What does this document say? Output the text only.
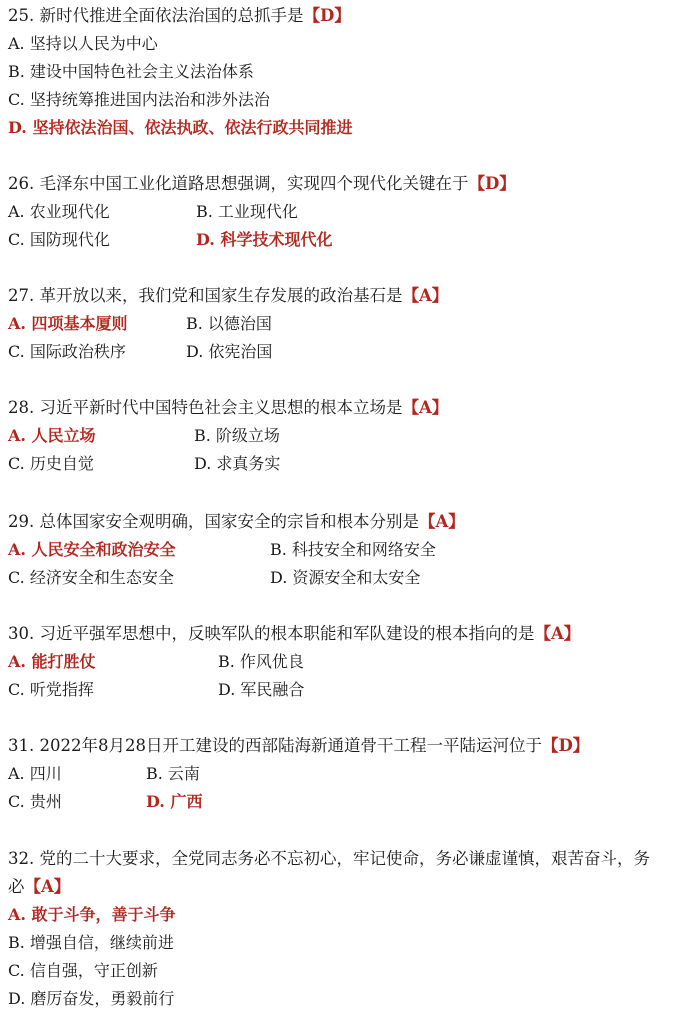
25. 新时代推进全面依法治国的总抓手是【D】
A. 坚持以人民为中心
B. 建设中国特色社会主义法治体系
C. 坚持统筹推进国内法治和涉外法治
D. 坚持依法治国、依法执政、依法行政共同推进
26. 毛泽东中国工业化道路思想强调，实现四个现代化关键在于【D】
A. 农业现代化	B. 工业现代化
C. 国防现代化	D. 科学技术现代化
27. 革开放以来，我们党和国家生存发展的政治基石是【A】
A. 四项基本厦则	B. 以德治国
C. 国际政治秩序	D. 依宪治国
28. 习近平新时代中国特色社会主义思想的根本立场是【A】
A. 人民立场	B. 阶级立场
C. 历史自觉	D. 求真务实
29. 总体国家安全观明确，国家安全的宗旨和根本分别是【A】
A. 人民安全和政治安全	B. 科技安全和网络安全
C. 经济安全和生态安全	D. 资源安全和太安全
30. 习近平强军思想中，反映军队的根本职能和军队建设的根本指向的是【A】
A. 能打胜仗	B. 作风优良
C. 听党指挥	D. 军民融合
31. 2022年8月28日开工建设的西部陆海新通道骨干工程一平陆运河位于【D】
A. 四川	B. 云南
C. 贵州	D. 广西
32. 党的二十大要求，全党同志务必不忘初心，牢记使命，务必谦虚谨慎，艰苦奋斗，务
必【A】
A. 敢于斗争，善于斗争
B. 增强自信，继续前进
C. 信自强，守正创新
D. 磨厉奋发，勇毅前行
